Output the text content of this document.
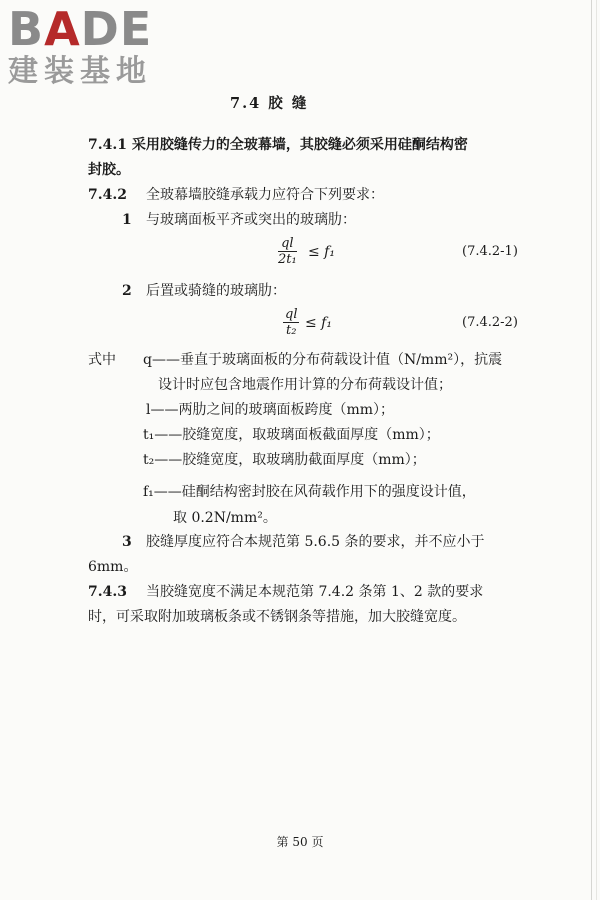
BADE
建装基地
7.4 胶 缝
7.4.1 采用胶缝传力的全玻幕墙，其胶缝必须采用硅酮结构密
封胶。
7.4.2 全玻幕墙胶缝承载力应符合下列要求：
1 与玻璃面板平齐或突出的玻璃肋：
$\frac{ql}{\text{2t₁}} \le f_1$	(7.4.2-1)
2 后置或骑缝的玻璃肋：
$\frac{ql}{\text{t₂}} \le f_1$	(7.4.2-2)
式中 q——垂直于玻璃面板的分布荷载设计值（N/mm²），抗震
设计时应包含地震作用计算的分布荷载设计值；
l——两肋之间的玻璃面板跨度（mm）；
t₁——胶缝宽度，取玻璃面板截面厚度（mm）；
t₂——胶缝宽度，取玻璃肋截面厚度（mm）；
f₁——硅酮结构密封胶在风荷载作用下的强度设计值，
取 0.2N/mm²。
3 胶缝厚度应符合本规范第 5.6.5 条的要求，并不应小于
6mm。
7.4.3 当胶缝宽度不满足本规范第 7.4.2 条第 1、2 款的要求
时，可采取附加玻璃板条或不锈钢条等措施，加大胶缝宽度。
第 50 页
